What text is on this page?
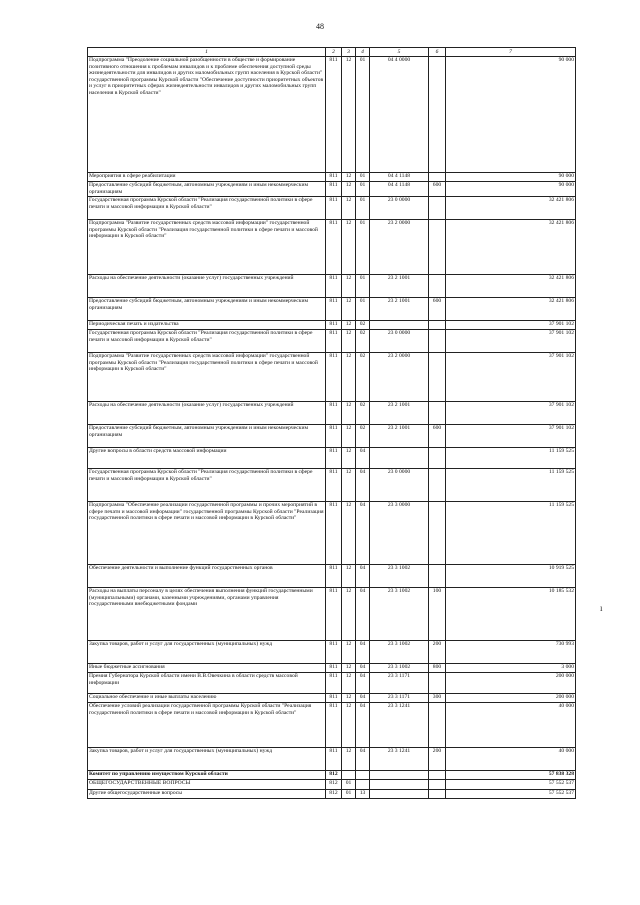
48
1	2	3	4	5	6	7
Подпрограмма "Преодоление социальной разобщенности в обществе и формирование позитивного отношения к проблемам инвалидов и к проблеме обеспечения доступной среды жизнедеятельности для инвалидов и других маломобильных групп населения в Курской области" государственной программы Курской области "Обеспечение доступности приоритетных объектов и услуг в приоритетных сферах жизнедеятельности инвалидов и других маломобильных групп населения в Курской области"	811	12	01	04 4 0000		90 000
Мероприятия в сфере реабилитации	811	12	01	04 4 1148		90 000
Предоставление субсидий бюджетным, автономным учреждениям и иным некоммерческим организациям	811	12	01	04 4 1148	600	90 000
Государственная программа Курской области "Реализация государственной политики в сфере печати и массовой информации в Курской области"	811	12	01	23 0 0000		32 421 806
Подпрограмма "Развитие государственных средств массовой информации" государственной программы Курской области "Реализация государственной политики в сфере печати и массовой информации в Курской области"	811	12	01	23 2 0000		32 421 806
Расходы на обеспечение деятельности (оказание услуг) государственных учреждений	811	12	01	23 2 1001		32 421 806
Предоставление субсидий бюджетным, автономным учреждениям и иным некоммерческим организациям	811	12	01	23 2 1001	600	32 421 806
Периодическая печать и издательства	811	12	02			37 901 102
Государственная программа Курской области "Реализация государственной политики в сфере печати и массовой информации в Курской области"	811	12	02	23 0 0000		37 901 102
Подпрограмма "Развитие государственных средств массовой информации" государственной программы Курской области "Реализация государственной политики в сфере печати и массовой информации в Курской области"	811	12	02	23 2 0000		37 901 102
Расходы на обеспечение деятельности (оказание услуг) государственных учреждений	811	12	02	23 2 1001		37 901 102
Предоставление субсидий бюджетным, автономным учреждениям и иным некоммерческим организациям	811	12	02	23 2 1001	600	37 901 102
Другие вопросы в области средств массовой информации	811	12	04			11 159 525
Государственная программа Курской области "Реализация государственной политики в сфере печати и массовой информации в Курской области"	811	12	04	23 0 0000		11 159 525
Подпрограмма "Обеспечение реализации государственной программы и прочих мероприятий в сфере печати и массовой информации" государственной программы Курской области "Реализация государственной политики в сфере печати и массовой информации в Курской области"	811	12	04	23 3 0000		11 159 525
Обеспечение деятельности и выполнение функций государственных органов	811	12	04	23 3 1002		10 919 525
Расходы на выплаты персоналу в целях обеспечения выполнения функций государственными (муниципальными) органами, казенными учреждениями, органами управления государственными внебюджетными фондами	811	12	04	23 3 1002	100	10 185 532
Закупка товаров, работ и услуг для государственных (муниципальных) нужд	811	12	04	23 3 1002	200	730 993
Иные бюджетные ассигнования	811	12	04	23 3 1002	800	3 000
Премия Губернатора Курской области имени В.В.Овечкина в области средств массовой информации	811	12	04	23 3 1171		200 000
Социальное обеспечение и иные выплаты населению	811	12	04	23 3 1171	300	200 000
Обеспечение условий реализации государственной программы Курской области "Реализация государственной политики в сфере печати и массовой информации в Курской области"	811	12	04	23 3 1241		40 000
Закупка товаров, работ и услуг для государственных (муниципальных) нужд	811	12	04	23 3 1241	200	40 000
Комитет по управлению имуществом Курской области	812					57 838 328
ОБЩЕГОСУДАРСТВЕННЫЕ ВОПРОСЫ	812	01				57 552 537
Другие общегосударственные вопросы	812	01	13			57 552 537
ı
